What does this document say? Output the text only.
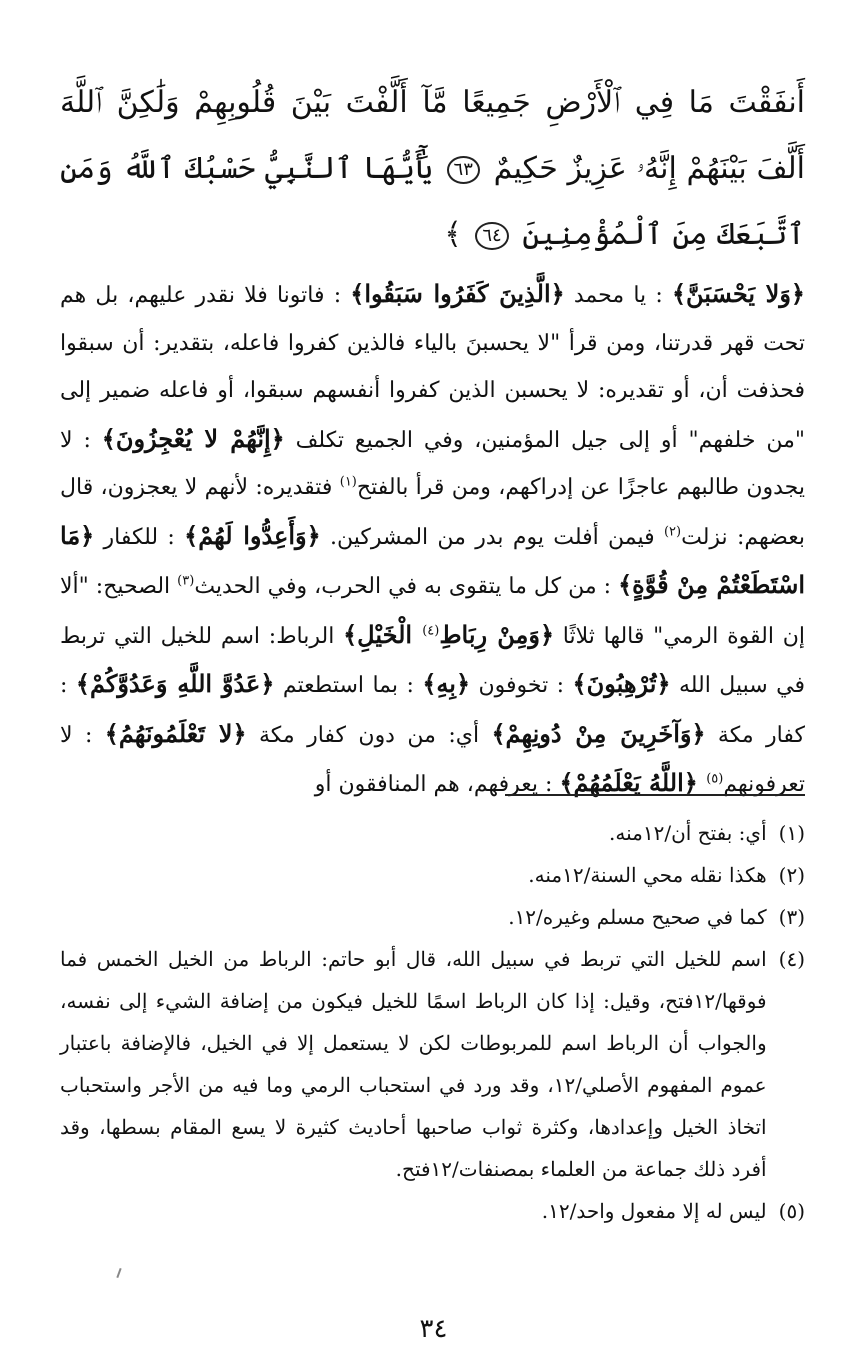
أَنفَقْتَ مَا فِي ٱلْأَرْضِ جَمِيعًا مَّآ أَلَّفْتَ بَيْنَ قُلُوبِهِمْ وَلَٰكِنَّ ٱللَّهَ أَلَّفَ بَيْنَهُمْ إِنَّهُۥ عَزِيزٌ حَكِيمٌ ٦٣ يَٰٓأَيُّهَا ٱلنَّبِيُّ حَسْبُكَ ٱللَّهُ وَمَنِ ٱتَّبَعَكَ مِنَ ٱلْمُؤْمِنِينَ ٦٤ ﴾

﴿وَلا يَحْسَبَنَّ﴾ : يا محمد ﴿الَّذِينَ كَفَرُوا سَبَقُوا﴾ : فاتونا فلا نقدر عليهم، بل هم تحت قهر قدرتنا، ومن قرأ "لا يحسبنَ بالياء فالذين كفروا فاعله، بتقدير: أن سبقوا فحذفت أن، أو تقديره: لا يحسبن الذين كفروا أنفسهم سبقوا، أو فاعله ضمير إلى "من خلفهم" أو إلى جيل المؤمنين، وفي الجميع تكلف ﴿إِنَّهُمْ لا يُعْجِزُونَ﴾ : لا يجدون طالبهم عاجزًا عن إدراكهم، ومن قرأ بالفتح$^{(١)}$ فتقديره: لأنهم لا يعجزون، قال بعضهم: نزلت$^{(٢)}$ فيمن أفلت يوم بدر من المشركين. ﴿وَأَعِدُّوا لَهُمْ﴾ : للكفار ﴿مَا اسْتَطَعْتُمْ مِنْ قُوَّةٍ﴾ : من كل ما يتقوى به في الحرب، وفي الحديث$^{(٣)}$ الصحيح: "ألا إن القوة الرمي" قالها ثلاثًا ﴿وَمِنْ رِبَاطِ$^{(٤)}$ الْخَيْلِ﴾ الرباط: اسم للخيل التي تربط في سبيل الله ﴿تُرْهِبُونَ﴾ : تخوفون ﴿بِهِ﴾ : بما استطعتم ﴿عَدُوَّ اللَّهِ وَعَدُوَّكُمْ﴾ : كفار مكة ﴿وَآخَرِينَ مِنْ دُونِهِمْ﴾ أي: من دون كفار مكة ﴿لا تَعْلَمُونَهُمُ﴾ : لا تعرفونهم$^{(٥)}$ ﴿اللَّهُ يَعْلَمُهُمْ﴾ : يعرفهم، هم المنافقون أو

(١)
أي: بفتح أن/١٢منه.
(٢)
هكذا نقله محي السنة/١٢منه.
(٣)
كما في صحيح مسلم وغيره/١٢.
(٤)
اسم للخيل التي تربط في سبيل الله، قال أبو حاتم: الرباط من الخيل الخمس فما فوقها/١٢فتح، وقيل: إذا كان الرباط اسمًا للخيل فيكون من إضافة الشيء إلى نفسه، والجواب أن الرباط اسم للمربوطات لكن لا يستعمل إلا في الخيل، فالإضافة باعتبار عموم المفهوم الأصلي/١٢، وقد ورد في استحباب الرمي وما فيه من الأجر واستحباب اتخاذ الخيل وإعدادها، وكثرة ثواب صاحبها أحاديث كثيرة لا يسع المقام بسطها، وقد أفرد ذلك جماعة من العلماء بمصنفات/١٢فتح.
(٥)
ليس له إلا مفعول واحد/١٢.
٣٤
